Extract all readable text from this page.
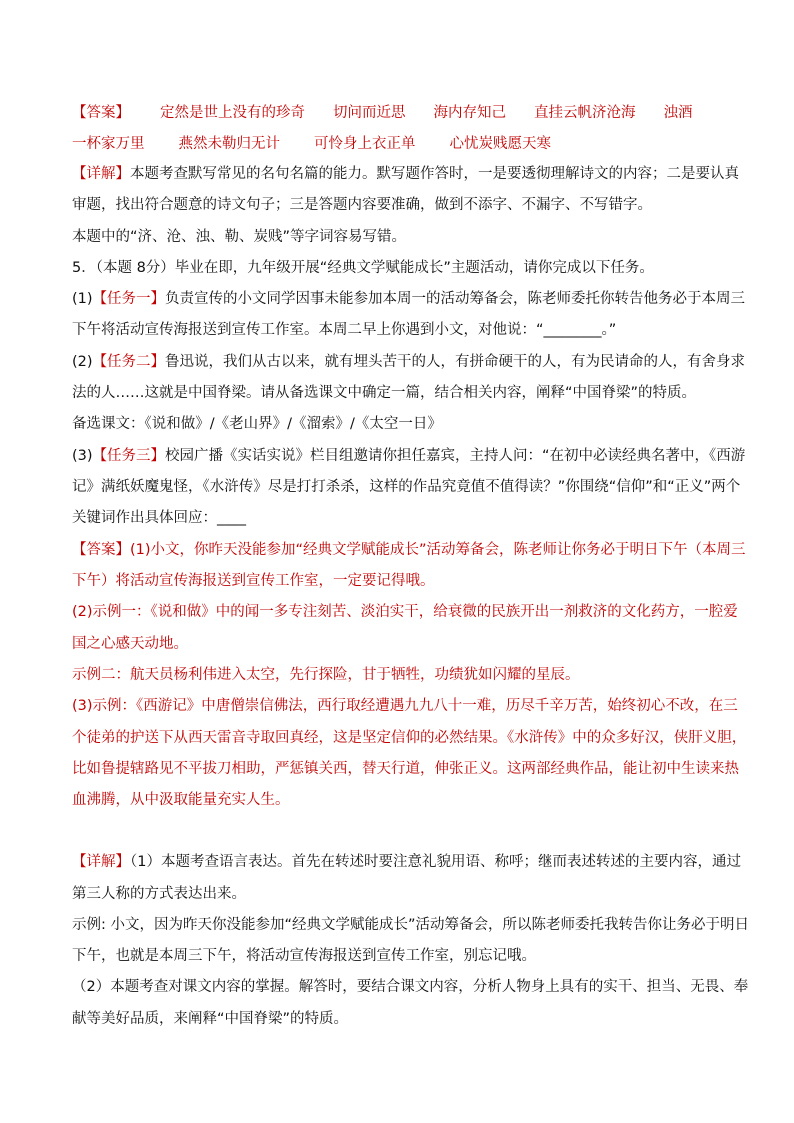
【答案】 定然是世上没有的珍奇 切问而近思 海内存知己 直挂云帆济沧海 浊酒
一杯家万里 燕然未勒归无计 可怜身上衣正单 心忧炭贱愿天寒
【详解】本题考查默写常见的名句名篇的能力。默写题作答时，一是要透彻理解诗文的内容；二是要认真
审题，找出符合题意的诗文句子；三是答题内容要准确，做到不添字、不漏字、不写错字。
本题中的“济、沧、浊、勒、炭贱”等字词容易写错。
5．（本题 8分）毕业在即，九年级开展“经典文学赋能成长”主题活动，请你完成以下任务。
(1)【任务一】负责宣传的小文同学因事未能参加本周一的活动筹备会，陈老师委托你转告他务必于本周三
下午将活动宣传海报送到宣传工作室。本周二早上你遇到小文，对他说：“________。”
(2)【任务二】鲁迅说，我们从古以来，就有埋头苦干的人，有拼命硬干的人，有为民请命的人，有舍身求
法的人……这就是中国脊梁。请从备选课文中确定一篇，结合相关内容，阐释“中国脊梁”的特质。
备选课文：《说和做》/《老山界》/《溜索》/《太空一日》
(3)【任务三】校园广播《实话实说》栏目组邀请你担任嘉宾，主持人问：“在初中必读经典名著中，《西游
记》满纸妖魔鬼怪，《水浒传》尽是打打杀杀，这样的作品究竟值不值得读？”你围绕“信仰”和“正义”两个
关键词作出具体回应：____
【答案】(1)小文，你昨天没能参加“经典文学赋能成长”活动筹备会，陈老师让你务必于明日下午（本周三
下午）将活动宣传海报送到宣传工作室，一定要记得哦。
(2)示例一：《说和做》中的闻一多专注刻苦、淡泊实干，给衰微的民族开出一剂救济的文化药方，一腔爱
国之心感天动地。
示例二：航天员杨利伟进入太空，先行探险，甘于牺牲，功绩犹如闪耀的星辰。
(3)示例：《西游记》中唐僧崇信佛法，西行取经遭遇九九八十一难，历尽千辛万苦，始终初心不改，在三
个徒弟的护送下从西天雷音寺取回真经，这是坚定信仰的必然结果。《水浒传》中的众多好汉，侠肝义胆，
比如鲁提辖路见不平拔刀相助，严惩镇关西，替天行道，伸张正义。这两部经典作品，能让初中生读来热
血沸腾，从中汲取能量充实人生。
【详解】（1）本题考查语言表达。首先在转述时要注意礼貌用语、称呼；继而表述转述的主要内容，通过
第三人称的方式表达出来。
示例: 小文，因为昨天你没能参加“经典文学赋能成长”活动筹备会，所以陈老师委托我转告你让务必于明日
下午，也就是本周三下午，将活动宣传海报送到宣传工作室，别忘记哦。
（2）本题考查对课文内容的掌握。解答时，要结合课文内容，分析人物身上具有的实干、担当、无畏、奉
献等美好品质，来阐释“中国脊梁”的特质。
